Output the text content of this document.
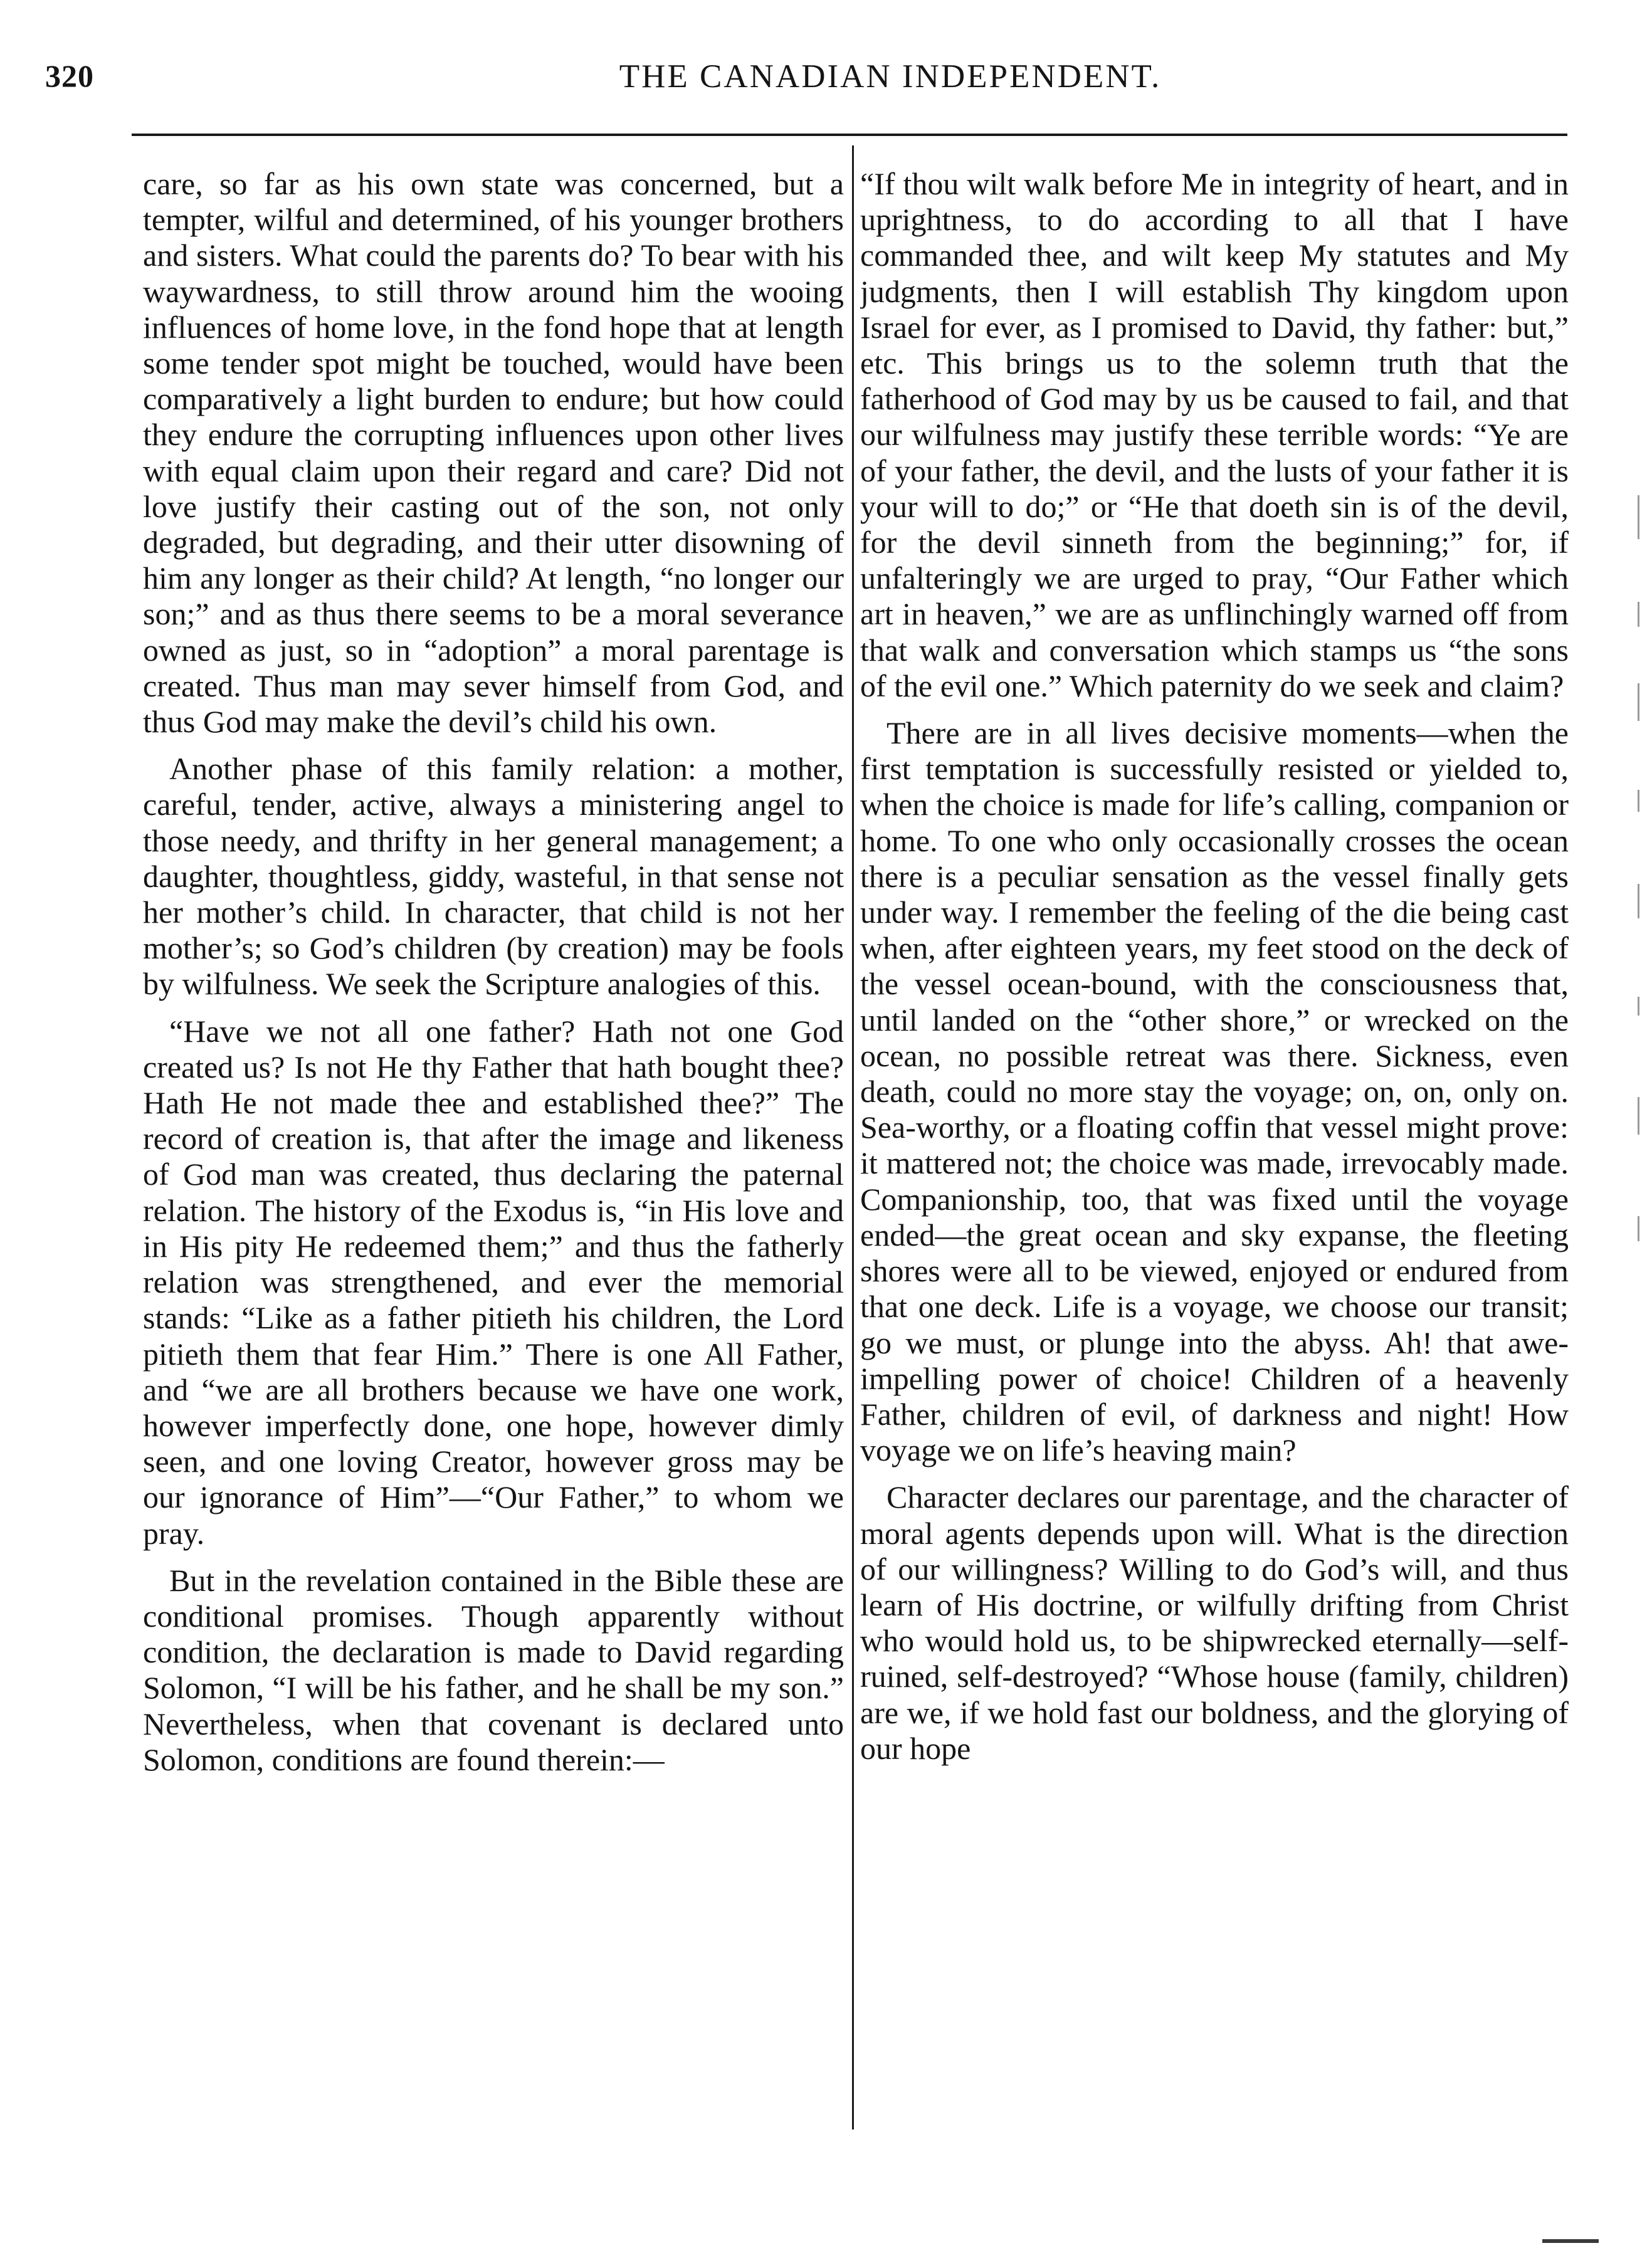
320	THE CANADIAN INDEPENDENT.

care, so far as his own state was concerned, but a tempter, wilful and determined, of his younger brothers and sisters. What could the parents do? To bear with his waywardness, to still throw around him the wooing influences of home love, in the fond hope that at length some tender spot might be touched, would have been comparatively a light burden to endure; but how could they endure the corrupting influences upon other lives with equal claim upon their regard and care? Did not love justify their casting out of the son, not only degraded, but degrading, and their utter disowning of him any longer as their child? At length, “no longer our son;” and as thus there seems to be a moral severance owned as just, so in “adoption” a moral parentage is created. Thus man may sever himself from God, and thus God may make the devil’s child his own.

Another phase of this family relation: a mother, careful, tender, active, always a ministering angel to those needy, and thrifty in her general management; a daughter, thoughtless, giddy, wasteful, in that sense not her mother’s child. In character, that child is not her mother’s; so God’s children (by creation) may be fools by wilfulness. We seek the Scripture analogies of this.

“Have we not all one father? Hath not one God created us? Is not He thy Father that hath bought thee? Hath He not made thee and established thee?” The record of creation is, that after the image and likeness of God man was created, thus declaring the paternal relation. The history of the Exodus is, “in His love and in His pity He redeemed them;” and thus the fatherly relation was strengthened, and ever the memorial stands: “Like as a father pitieth his children, the Lord pitieth them that fear Him.” There is one All Father, and “we are all brothers because we have one work, however imperfectly done, one hope, however dimly seen, and one loving Creator, however gross may be our ignorance of Him”—“Our Father,” to whom we pray.

But in the revelation contained in the Bible these are conditional promises. Though apparently without condition, the declaration is made to David regarding Solomon, “I will be his father, and he shall be my son.” Nevertheless, when that covenant is declared unto Solomon, conditions are found therein:—

“If thou wilt walk before Me in integrity of heart, and in uprightness, to do according to all that I have commanded thee, and wilt keep My statutes and My judgments, then I will establish Thy kingdom upon Israel for ever, as I promised to David, thy father: but,” etc. This brings us to the solemn truth that the fatherhood of God may by us be caused to fail, and that our wilfulness may justify these terrible words: “Ye are of your father, the devil, and the lusts of your father it is your will to do;” or “He that doeth sin is of the devil, for the devil sinneth from the beginning;” for, if unfalteringly we are urged to pray, “Our Father which art in heaven,” we are as unflinchingly warned off from that walk and conversation which stamps us “the sons of the evil one.” Which paternity do we seek and claim?

There are in all lives decisive moments—when the first temptation is successfully resisted or yielded to, when the choice is made for life’s calling, companion or home. To one who only occasionally crosses the ocean there is a peculiar sensation as the vessel finally gets under way. I remember the feeling of the die being cast when, after eighteen years, my feet stood on the deck of the vessel ocean-bound, with the consciousness that, until landed on the “other shore,” or wrecked on the ocean, no possible retreat was there. Sickness, even death, could no more stay the voyage; on, on, only on. Sea-worthy, or a floating coffin that vessel might prove: it mattered not; the choice was made, irrevocably made. Companionship, too, that was fixed until the voyage ended—the great ocean and sky expanse, the fleeting shores were all to be viewed, enjoyed or endured from that one deck. Life is a voyage, we choose our transit; go we must, or plunge into the abyss. Ah! that awe-impelling power of choice! Children of a heavenly Father, children of evil, of darkness and night! How voyage we on life’s heaving main?

Character declares our parentage, and the character of moral agents depends upon will. What is the direction of our willingness? Willing to do God’s will, and thus learn of His doctrine, or wilfully drifting from Christ who would hold us, to be shipwrecked eternally—self-ruined, self-destroyed? “Whose house (family, children) are we, if we hold fast our boldness, and the glorying of our hope
